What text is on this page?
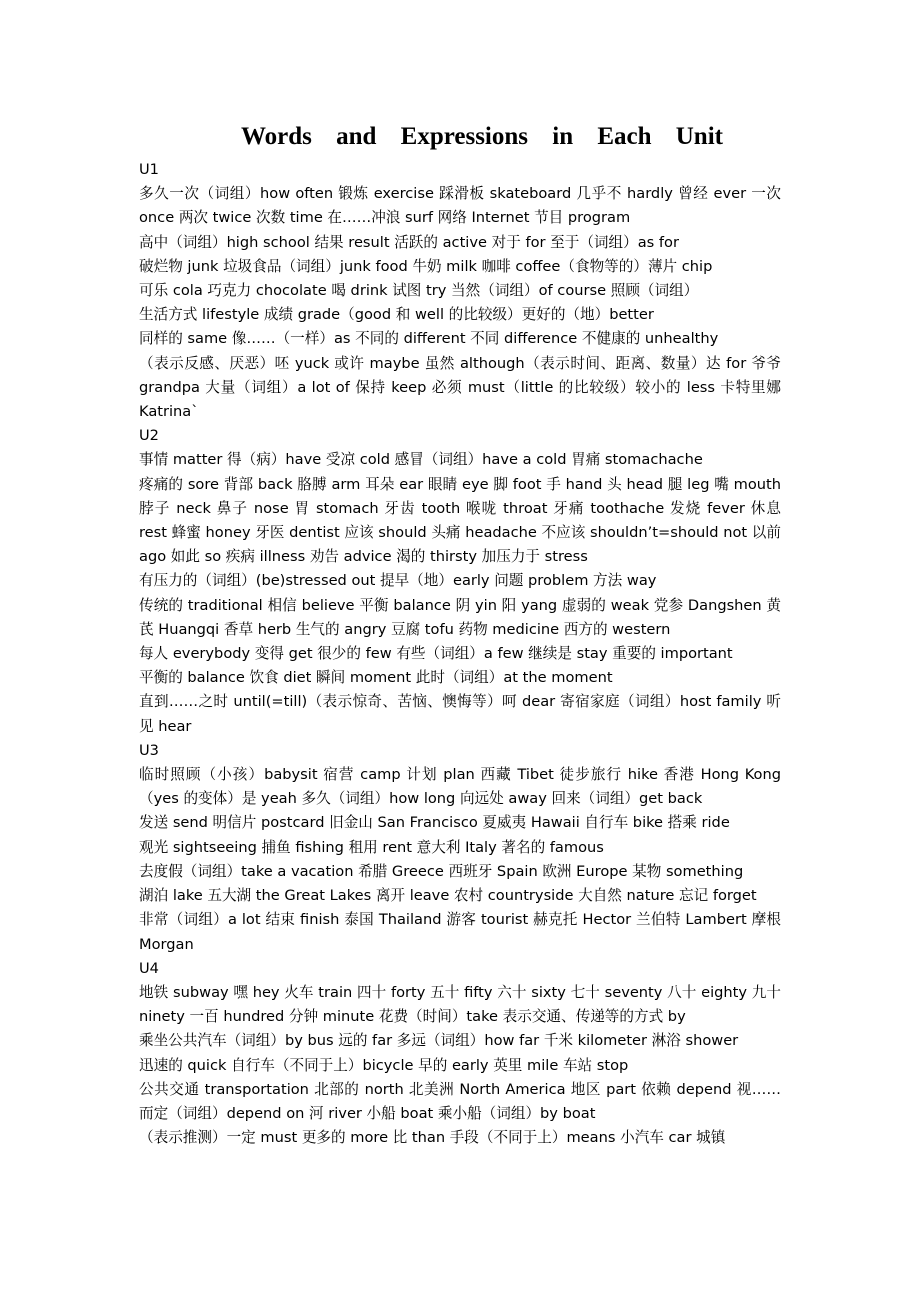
Words and Expressions in Each Unit
U1

多久一次（词组）how often 锻炼 exercise 踩滑板 skateboard 几乎不 hardly 曾经 ever 一次 once 两次 twice 次数 time 在……冲浪 surf 网络 Internet 节目 program

高中（词组）high school 结果 result 活跃的 active 对于 for 至于（词组）as for

破烂物 junk 垃圾食品（词组）junk food 牛奶 milk 咖啡 coffee（食物等的）薄片 chip

可乐 cola 巧克力 chocolate 喝 drink 试图 try 当然（词组）of course 照顾（词组）

生活方式 lifestyle 成绩 grade（good 和 well 的比较级）更好的（地）better

同样的 same 像……（一样）as 不同的 different 不同 difference 不健康的 unhealthy

（表示反感、厌恶）呸 yuck 或许 maybe 虽然 although（表示时间、距离、数量）达 for 爷爷 grandpa 大量（词组）a lot of 保持 keep 必须 must（little 的比较级）较小的 less 卡特里娜 Katrina`

U2

事情 matter 得（病）have 受凉 cold 感冒（词组）have a cold 胃痛 stomachache

疼痛的 sore 背部 back 胳膊 arm 耳朵 ear 眼睛 eye 脚 foot 手 hand 头 head 腿 leg 嘴 mouth 脖子 neck 鼻子 nose 胃 stomach 牙齿 tooth 喉咙 throat 牙痛 toothache 发烧 fever 休息 rest 蜂蜜 honey 牙医 dentist 应该 should 头痛 headache 不应该 shouldn’t=should not 以前 ago 如此 so 疾病 illness 劝告 advice 渴的 thirsty 加压力于 stress

有压力的（词组）(be)stressed out 提早（地）early 问题 problem 方法 way

传统的 traditional 相信 believe 平衡 balance 阴 yin 阳 yang 虚弱的 weak 党参 Dangshen 黄芪 Huangqi 香草 herb 生气的 angry 豆腐 tofu 药物 medicine 西方的 western

每人 everybody 变得 get 很少的 few 有些（词组）a few 继续是 stay 重要的 important

平衡的 balance 饮食 diet 瞬间 moment 此时（词组）at the moment

直到……之时 until(=till)（表示惊奇、苦恼、懊悔等）呵 dear 寄宿家庭（词组）host family 听见 hear

U3

临时照顾（小孩）babysit 宿营 camp 计划 plan 西藏 Tibet 徒步旅行 hike 香港 Hong Kong（yes 的变体）是 yeah 多久（词组）how long 向远处 away 回来（词组）get back

发送 send 明信片 postcard 旧金山 San Francisco 夏威夷 Hawaii 自行车 bike 搭乘 ride

观光 sightseeing 捕鱼 fishing 租用 rent 意大利 Italy 著名的 famous

去度假（词组）take a vacation 希腊 Greece 西班牙 Spain 欧洲 Europe 某物 something

湖泊 lake 五大湖 the Great Lakes 离开 leave 农村 countryside 大自然 nature 忘记 forget

非常（词组）a lot 结束 finish 泰国 Thailand 游客 tourist 赫克托 Hector 兰伯特 Lambert 摩根 Morgan

U4

地铁 subway 嘿 hey 火车 train 四十 forty 五十 fifty 六十 sixty 七十 seventy 八十 eighty 九十 ninety 一百 hundred 分钟 minute 花费（时间）take 表示交通、传递等的方式 by

乘坐公共汽车（词组）by bus 远的 far 多远（词组）how far 千米 kilometer 淋浴 shower

迅速的 quick 自行车（不同于上）bicycle 早的 early 英里 mile 车站 stop

公共交通 transportation 北部的 north 北美洲 North America 地区 part 依赖 depend 视……而定（词组）depend on 河 river 小船 boat 乘小船（词组）by boat

（表示推测）一定 must 更多的 more 比 than 手段（不同于上）means 小汽车 car 城镇
